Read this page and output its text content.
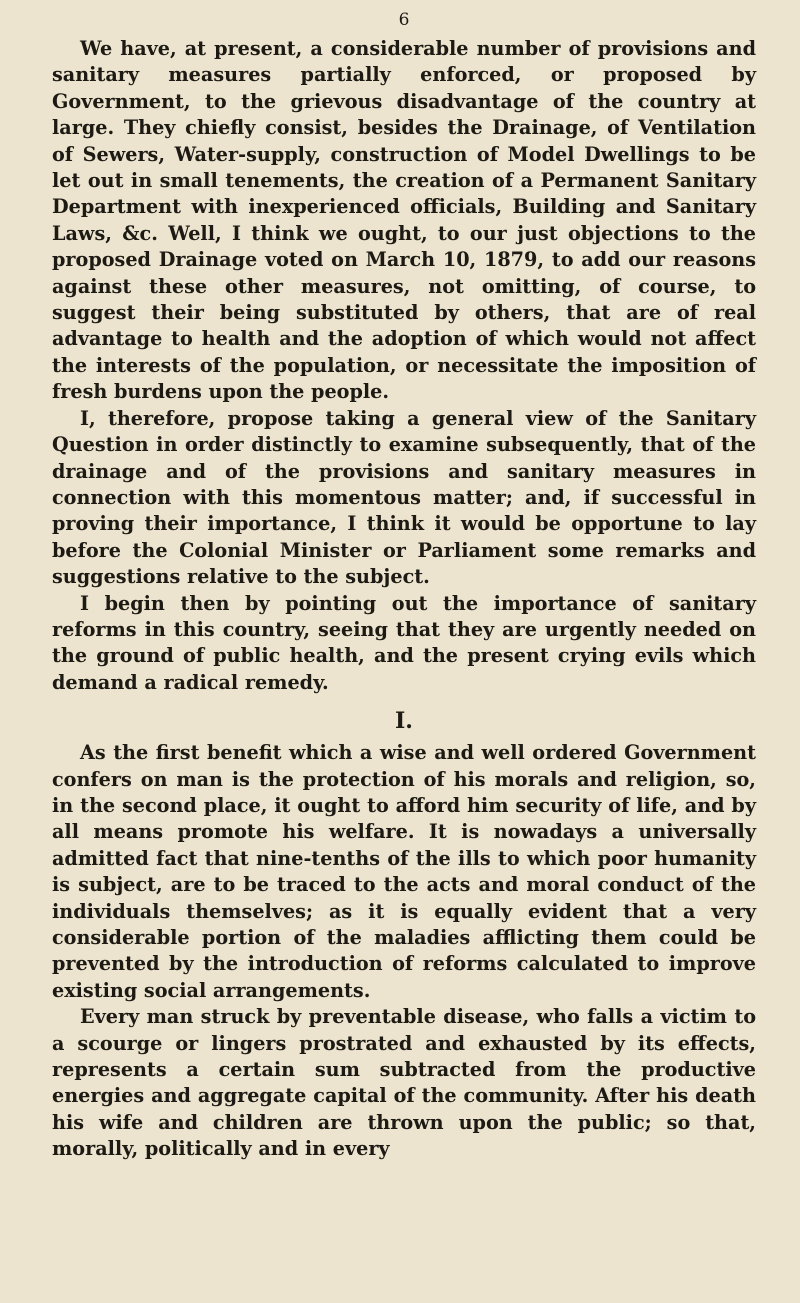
6

We have, at present, a considerable number of provisions and sanitary measures partially enforced, or proposed by Government, to the grievous disadvantage of the country at large. They chiefly consist, besides the Drainage, of Ventilation of Sewers, Water-supply, construction of Model Dwellings to be let out in small tenements, the creation of a Permanent Sanitary Department with inexperienced officials, Building and Sanitary Laws, &c. Well, I think we ought, to our just objections to the proposed Drainage voted on March 10, 1879, to add our reasons against these other measures, not omitting, of course, to suggest their being substituted by others, that are of real advantage to health and the adoption of which would not affect the interests of the population, or necessitate the imposition of fresh burdens upon the people.

I, therefore, propose taking a general view of the Sanitary Question in order distinctly to examine subsequently, that of the drainage and of the provisions and sanitary measures in connection with this momentous matter; and, if successful in proving their importance, I think it would be opportune to lay before the Colonial Minister or Parliament some remarks and suggestions relative to the subject.

I begin then by pointing out the importance of sanitary reforms in this country, seeing that they are urgently needed on the ground of public health, and the present crying evils which demand a radical remedy.

I.

As the first benefit which a wise and well ordered Government confers on man is the protection of his morals and religion, so, in the second place, it ought to afford him security of life, and by all means promote his welfare. It is nowadays a universally admitted fact that nine-tenths of the ills to which poor humanity is subject, are to be traced to the acts and moral conduct of the individuals themselves; as it is equally evident that a very considerable portion of the maladies afflicting them could be prevented by the introduction of reforms calculated to improve existing social arrangements.

Every man struck by preventable disease, who falls a victim to a scourge or lingers prostrated and exhausted by its effects, represents a certain sum subtracted from the productive energies and aggregate capital of the community. After his death his wife and children are thrown upon the public; so that, morally, politically and in every
